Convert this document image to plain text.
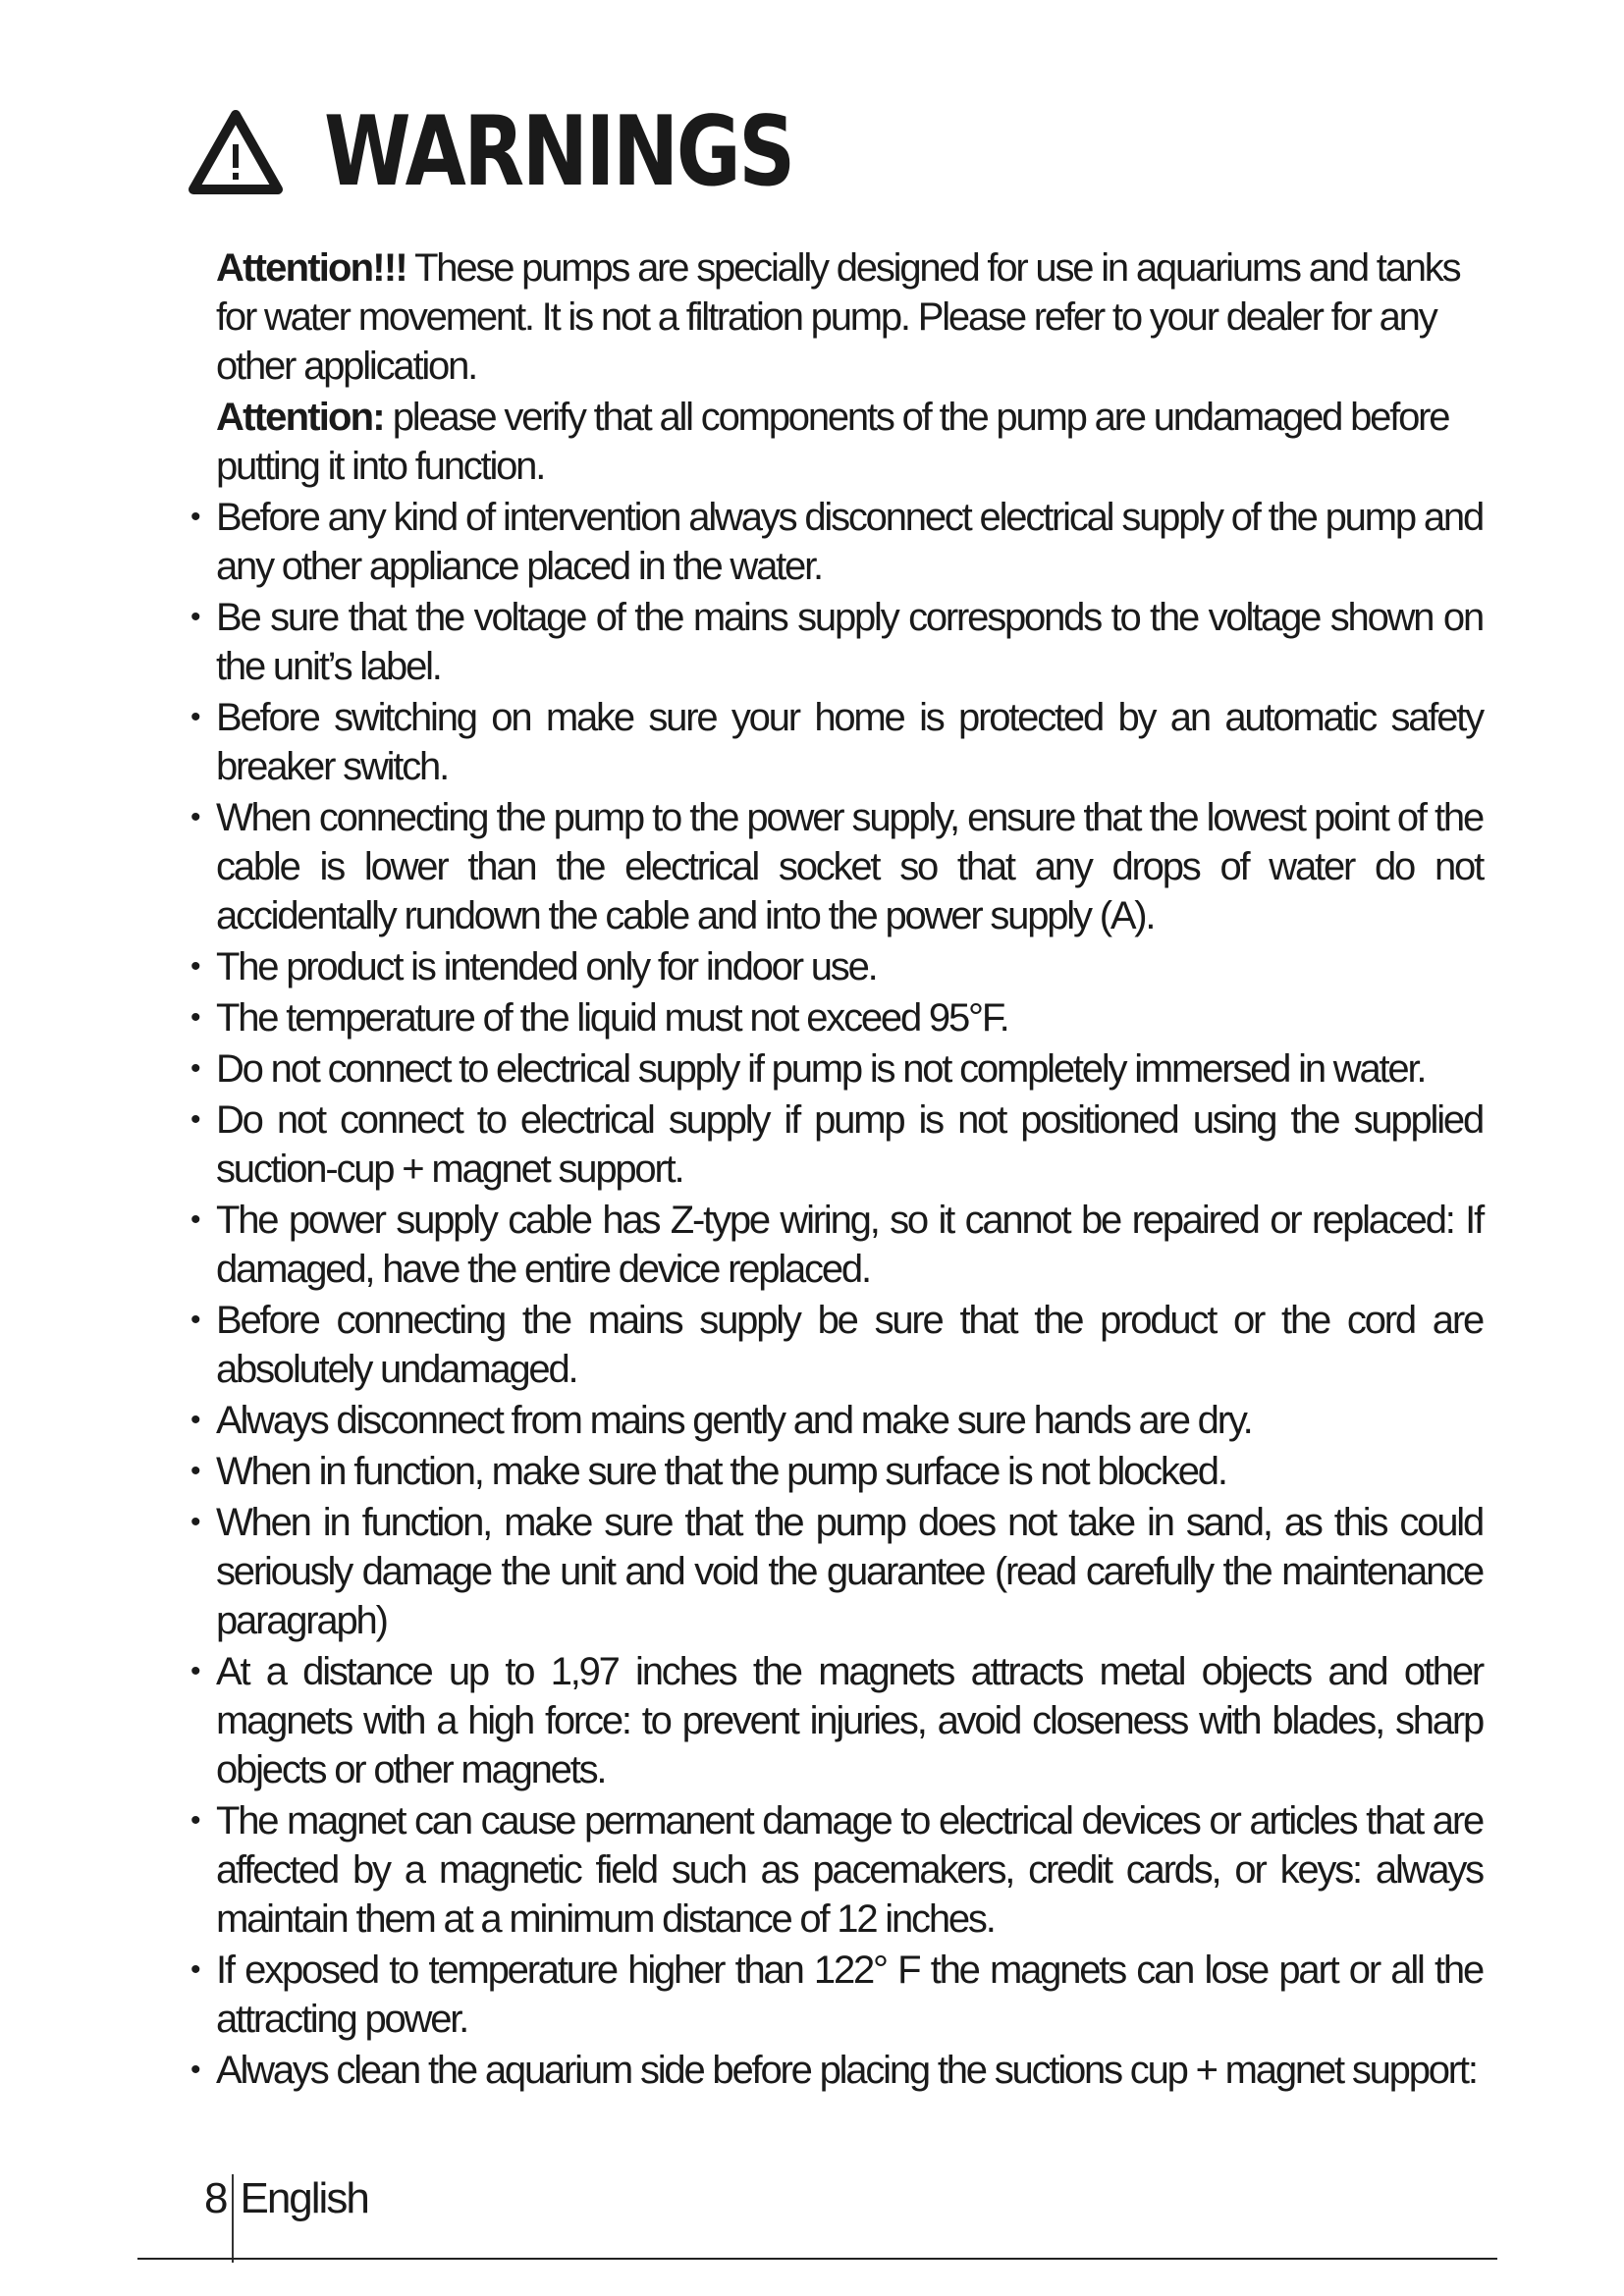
WARNINGS
Attention!!! These pumps are specially designed for use in aquariums and tanks for water movement. It is not a filtration pump. Please refer to your dealer for any other application.
Attention: please verify that all components of the pump are undamaged before putting it into function.
• Before any kind of intervention always disconnect electrical supply of the pump and any other appliance placed in the water.
• Be sure that the voltage of the mains supply corresponds to the voltage shown on the unit’s label.
• Before switching on make sure your home is protected by an automatic safety breaker switch.
• When connecting the pump to the power supply, ensure that the lowest point of the cable is lower than the electrical socket so that any drops of water do not accidentally rundown the cable and into the power supply (A).
• The product is intended only for indoor use.
• The temperature of the liquid must not exceed 95°F.
• Do not connect to electrical supply if pump is not completely immersed in water.
• Do not connect to electrical supply if pump is not positioned using the supplied suction-cup + magnet support.
• The power supply cable has Z-type wiring, so it cannot be repaired or replaced: If damaged, have the entire device replaced.
• Before connecting the mains supply be sure that the product or the cord are absolutely undamaged.
• Always disconnect from mains gently and make sure hands are dry.
• When in function, make sure that the pump surface is not blocked.
• When in function, make sure that the pump does not take in sand, as this could seriously damage the unit and void the guarantee (read carefully the maintenance paragraph)
• At a distance up to 1,97 inches the magnets attracts metal objects and other magnets with a high force: to prevent injuries, avoid closeness with blades, sharp objects or other magnets.
• The magnet can cause permanent damage to electrical devices or articles that are affected by a magnetic field such as pacemakers, credit cards, or keys: always maintain them at a minimum distance of 12 inches.
• If exposed to temperature higher than 122° F the magnets can lose part or all the attracting power.
• Always clean the aquarium side before placing the suctions cup + magnet support:
8 English
